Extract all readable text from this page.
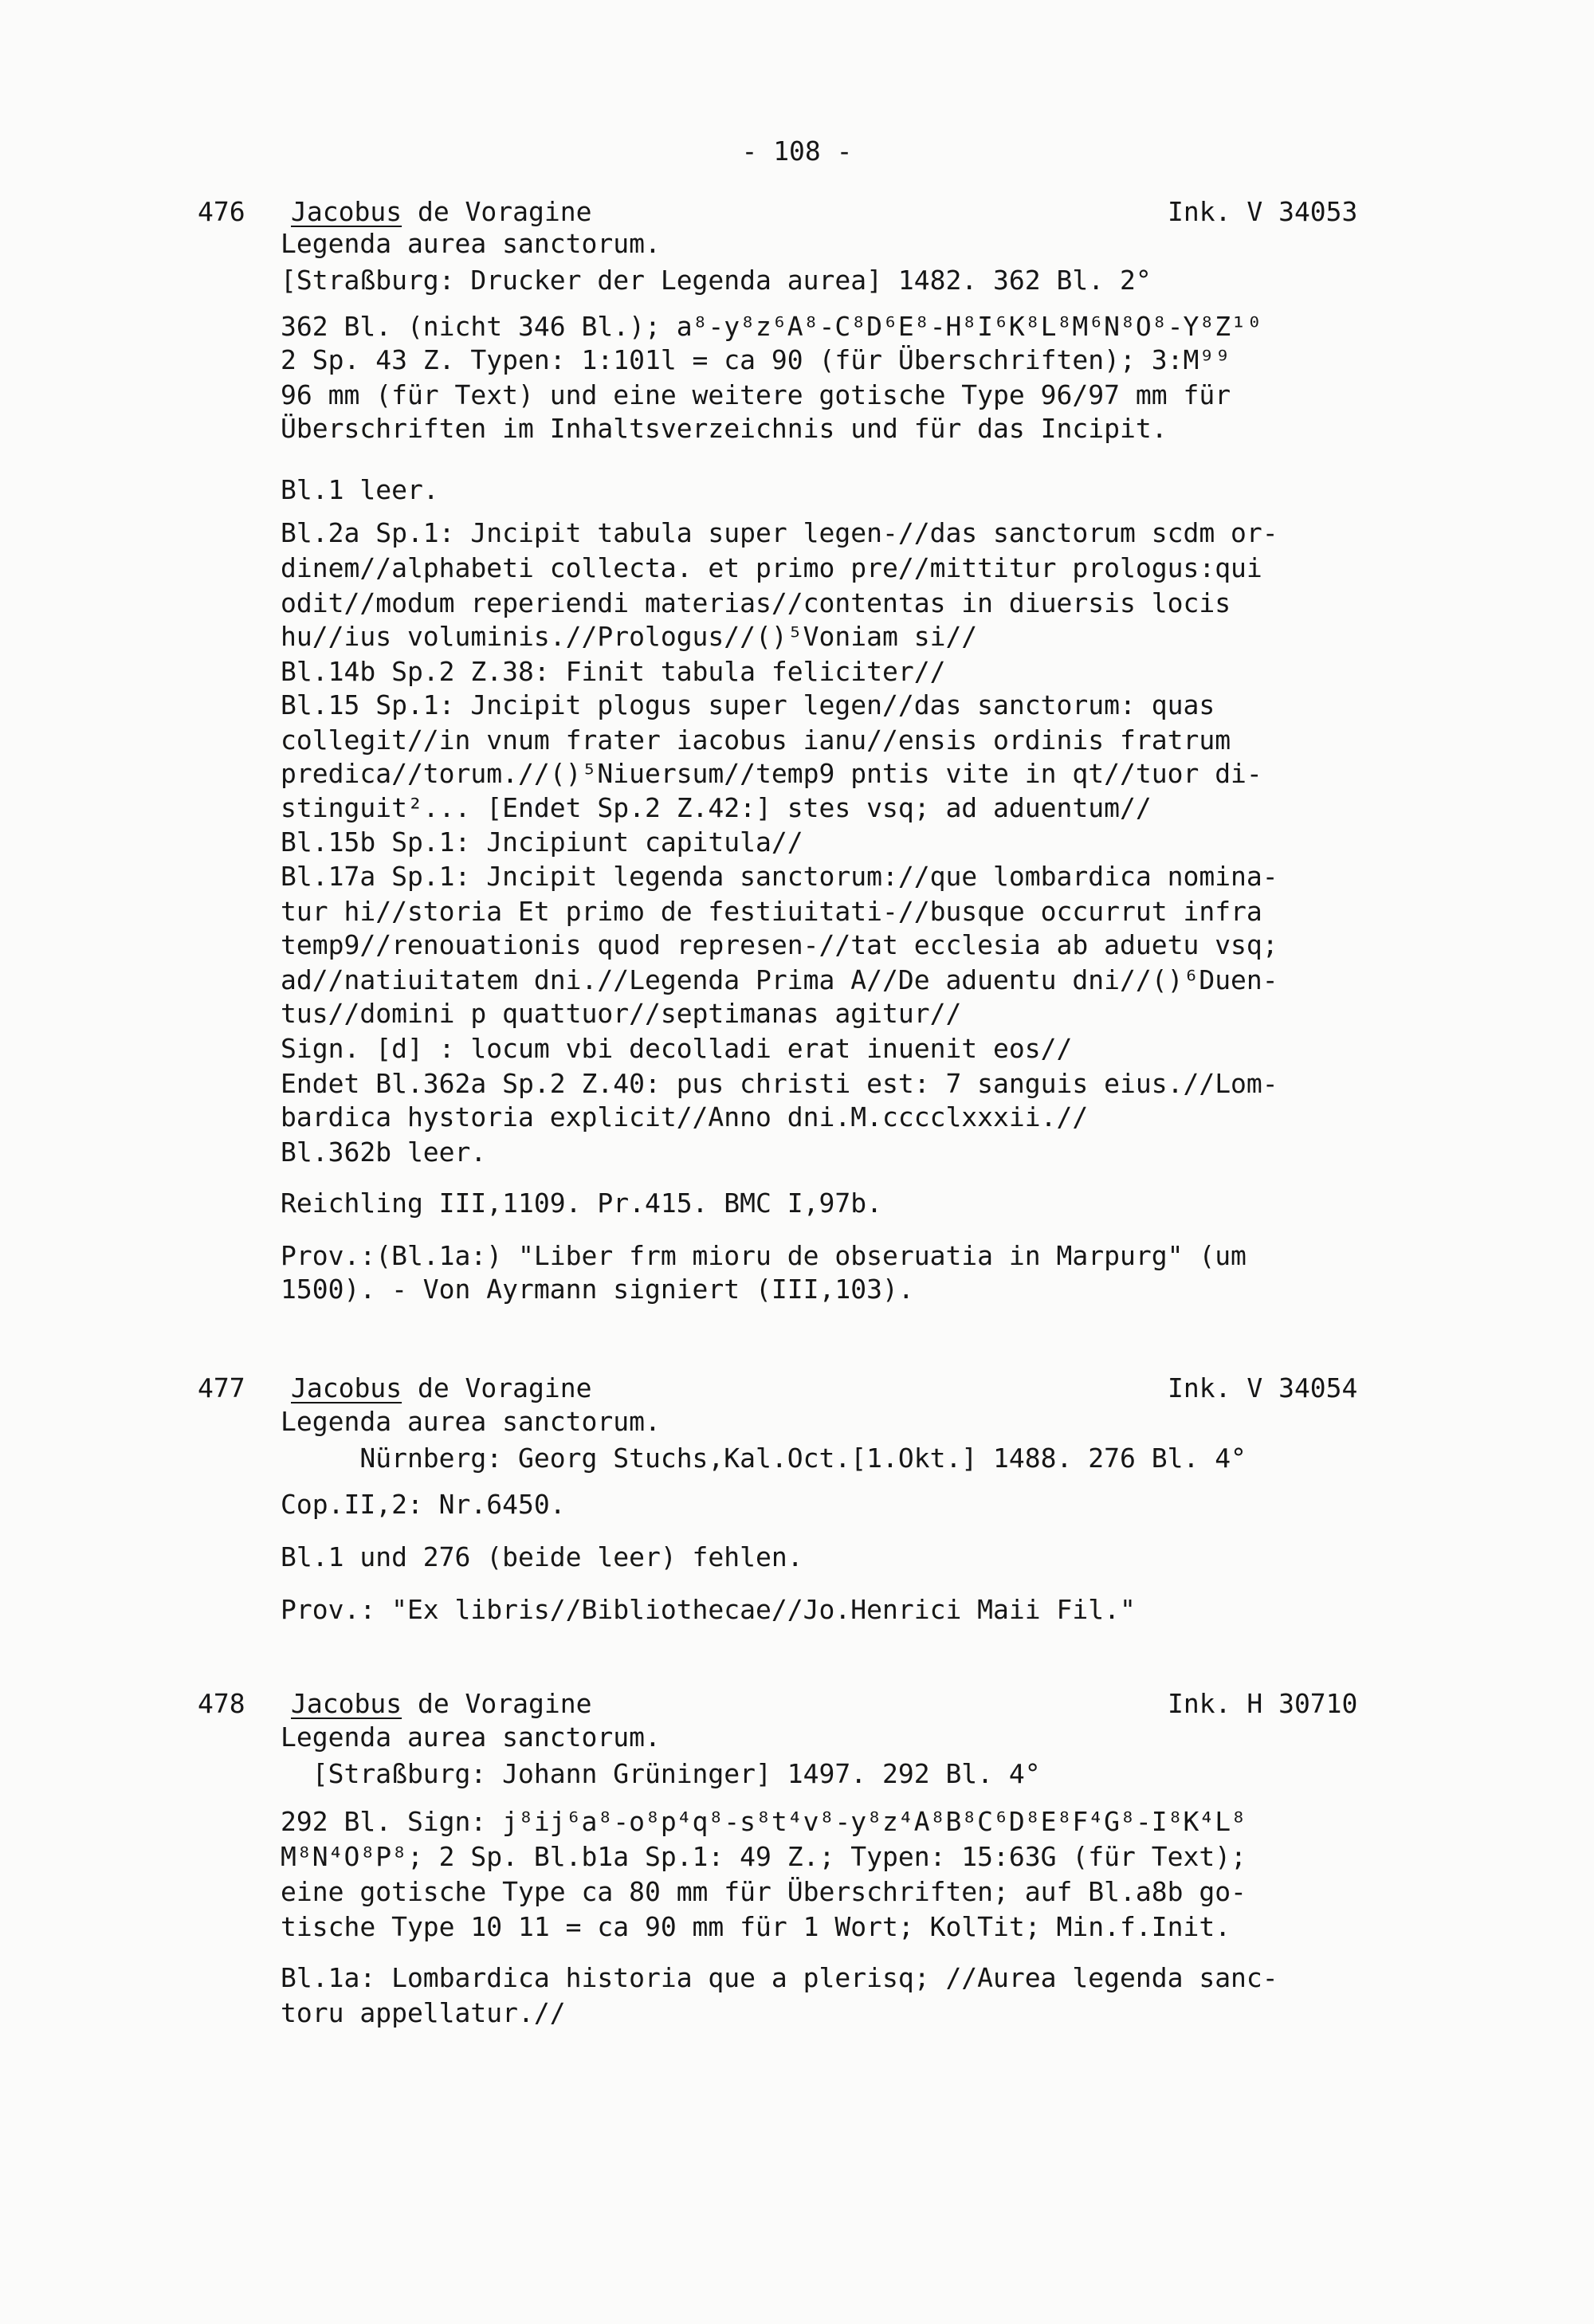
- 108 -
476 Jacobus de Voragine	Ink. V 34053
Legenda aurea sanctorum.
[Straßburg: Drucker der Legenda aurea] 1482. 362 Bl. 2°
362 Bl. (nicht 346 Bl.); a⁸-y⁸z⁶A⁸-C⁸D⁶E⁸-H⁸I⁶K⁸L⁸M⁶N⁸O⁸-Y⁸Z¹⁰
2 Sp. 43 Z. Typen: 1:101l = ca 90 (für Überschriften); 3:M⁹⁹
96 mm (für Text) und eine weitere gotische Type 96/97 mm für
Überschriften im Inhaltsverzeichnis und für das Incipit.
Bl.1 leer.
Bl.2a Sp.1: Jncipit tabula super legen-//das sanctorum scdm or-
dinem//alphabeti collecta. et primo pre//mittitur prologus:qui
odit//modum reperiendi materias//contentas in diuersis locis
hu//ius voluminis.//Prologus//()⁵Voniam si//
Bl.14b Sp.2 Z.38: Finit tabula feliciter//
Bl.15 Sp.1: Jncipit plogus super legen//das sanctorum: quas
collegit//in vnum frater iacobus ianu//ensis ordinis fratrum
predica//torum.//()⁵Niuersum//temp9 pntis vite in qt//tuor di-
stinguit²... [Endet Sp.2 Z.42:] stes vsq; ad aduentum//
Bl.15b Sp.1: Jncipiunt capitula//
Bl.17a Sp.1: Jncipit legenda sanctorum://que lombardica nomina-
tur hi//storia Et primo de festiuitati-//busque occurrut infra
temp9//renouationis quod represen-//tat ecclesia ab aduetu vsq;
ad//natiuitatem dni.//Legenda Prima A//De aduentu dni//()⁶Duen-
tus//domini p quattuor//septimanas agitur//
Sign. [d] : locum vbi decolladi erat inuenit eos//
Endet Bl.362a Sp.2 Z.40: pus christi est: 7 sanguis eius.//Lom-
bardica hystoria explicit//Anno dni.M.cccclxxxii.//
Bl.362b leer.
Reichling III,1109. Pr.415. BMC I,97b.
Prov.:(Bl.1a:) "Liber frm mioru de obseruatia in Marpurg" (um
1500). - Von Ayrmann signiert (III,103).
477 Jacobus de Voragine	Ink. V 34054
Legenda aurea sanctorum.
Nürnberg: Georg Stuchs,Kal.Oct.[1.Okt.] 1488. 276 Bl. 4°
Cop.II,2: Nr.6450.
Bl.1 und 276 (beide leer) fehlen.
Prov.: "Ex libris//Bibliothecae//Jo.Henrici Maii Fil."
478 Jacobus de Voragine	Ink. H 30710
Legenda aurea sanctorum.
[Straßburg: Johann Grüninger] 1497. 292 Bl. 4°
292 Bl. Sign: j⁸ij⁶a⁸-o⁸p⁴q⁸-s⁸t⁴v⁸-y⁸z⁴A⁸B⁸C⁶D⁸E⁸F⁴G⁸-I⁸K⁴L⁸
M⁸N⁴O⁸P⁸; 2 Sp. Bl.b1a Sp.1: 49 Z.; Typen: 15:63G (für Text);
eine gotische Type ca 80 mm für Überschriften; auf Bl.a8b go-
tische Type 10 11 = ca 90 mm für 1 Wort; KolTit; Min.f.Init.
Bl.1a: Lombardica historia que a plerisq; //Aurea legenda sanc-
toru appellatur.//
